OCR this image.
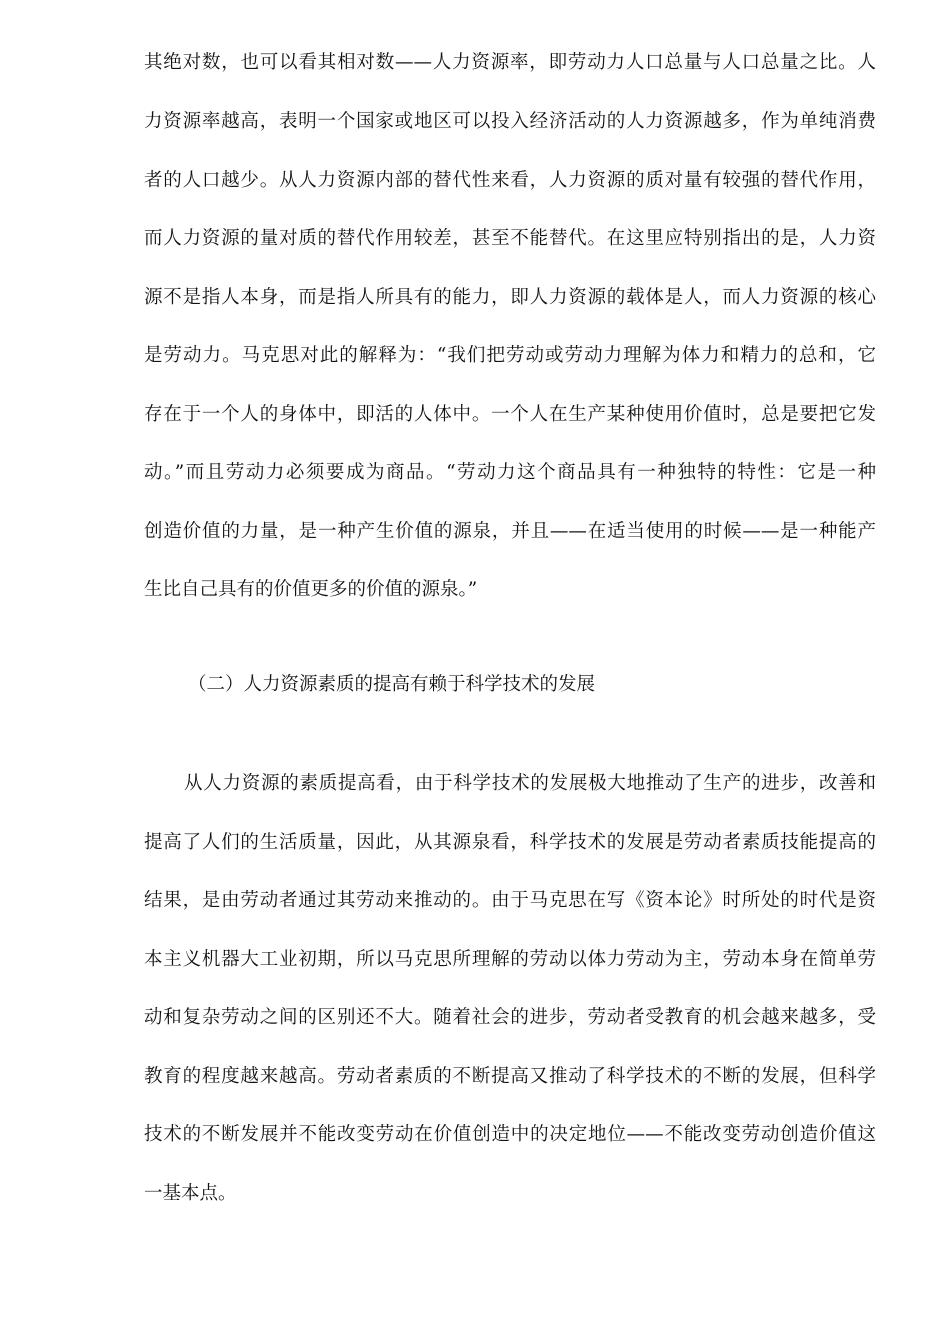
其绝对数，也可以看其相对数——人力资源率，即劳动力人口总量与人口总量之比。人
力资源率越高，表明一个国家或地区可以投入经济活动的人力资源越多，作为单纯消费
者的人口越少。从人力资源内部的替代性来看，人力资源的质对量有较强的替代作用，
而人力资源的量对质的替代作用较差，甚至不能替代。在这里应特别指出的是，人力资
源不是指人本身，而是指人所具有的能力，即人力资源的载体是人，而人力资源的核心
是劳动力。马克思对此的解释为：“我们把劳动或劳动力理解为体力和精力的总和，它
存在于一个人的身体中，即活的人体中。一个人在生产某种使用价值时，总是要把它发
动。”而且劳动力必须要成为商品。“劳动力这个商品具有一种独特的特性：它是一种
创造价值的力量，是一种产生价值的源泉，并且——在适当使用的时候——是一种能产
生比自己具有的价值更多的价值的源泉。”
（二）人力资源素质的提高有赖于科学技术的发展
从人力资源的素质提高看，由于科学技术的发展极大地推动了生产的进步，改善和
提高了人们的生活质量，因此，从其源泉看，科学技术的发展是劳动者素质技能提高的
结果，是由劳动者通过其劳动来推动的。由于马克思在写《资本论》时所处的时代是资
本主义机器大工业初期，所以马克思所理解的劳动以体力劳动为主，劳动本身在简单劳
动和复杂劳动之间的区别还不大。随着社会的进步，劳动者受教育的机会越来越多，受
教育的程度越来越高。劳动者素质的不断提高又推动了科学技术的不断的发展，但科学
技术的不断发展并不能改变劳动在价值创造中的决定地位——不能改变劳动创造价值这
一基本点。
